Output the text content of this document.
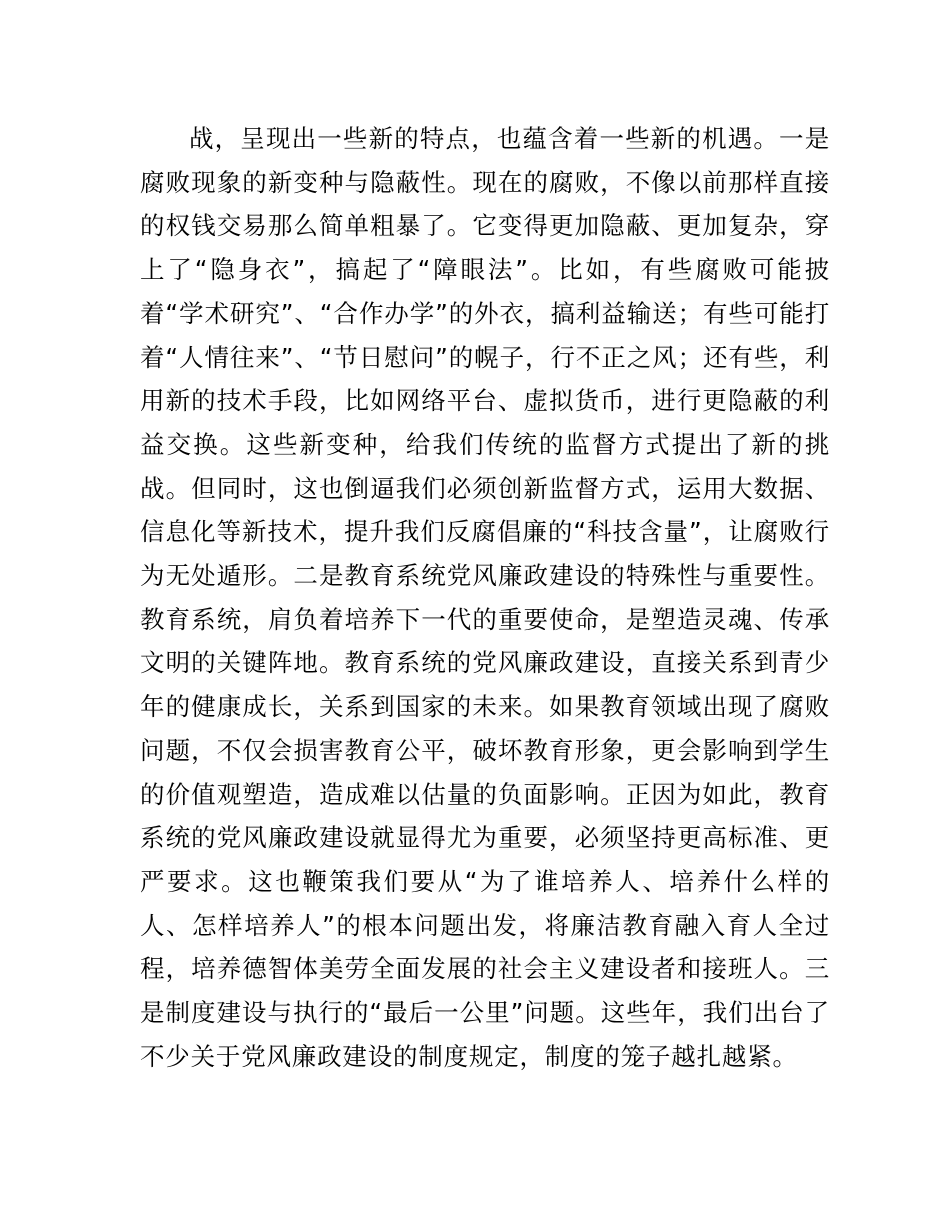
战，呈现出一些新的特点，也蕴含着一些新的机遇。一是腐败现象的新变种与隐蔽性。现在的腐败，不像以前那样直接的权钱交易那么简单粗暴了。它变得更加隐蔽、更加复杂，穿上了“隐身衣”，搞起了“障眼法”。比如，有些腐败可能披着“学术研究”、“合作办学”的外衣，搞利益输送；有些可能打着“人情往来”、“节日慰问”的幌子，行不正之风；还有些，利用新的技术手段，比如网络平台、虚拟货币，进行更隐蔽的利益交换。这些新变种，给我们传统的监督方式提出了新的挑战。但同时，这也倒逼我们必须创新监督方式，运用大数据、信息化等新技术，提升我们反腐倡廉的“科技含量”，让腐败行为无处遁形。二是教育系统党风廉政建设的特殊性与重要性。教育系统，肩负着培养下一代的重要使命，是塑造灵魂、传承文明的关键阵地。教育系统的党风廉政建设，直接关系到青少年的健康成长，关系到国家的未来。如果教育领域出现了腐败问题，不仅会损害教育公平，破坏教育形象，更会影响到学生的价值观塑造，造成难以估量的负面影响。正因为如此，教育系统的党风廉政建设就显得尤为重要，必须坚持更高标准、更严要求。这也鞭策我们要从“为了谁培养人、培养什么样的人、怎样培养人”的根本问题出发，将廉洁教育融入育人全过程，培养德智体美劳全面发展的社会主义建设者和接班人。三是制度建设与执行的“最后一公里”问题。这些年，我们出台了不少关于党风廉政建设的制度规定，制度的笼子越扎越紧。
